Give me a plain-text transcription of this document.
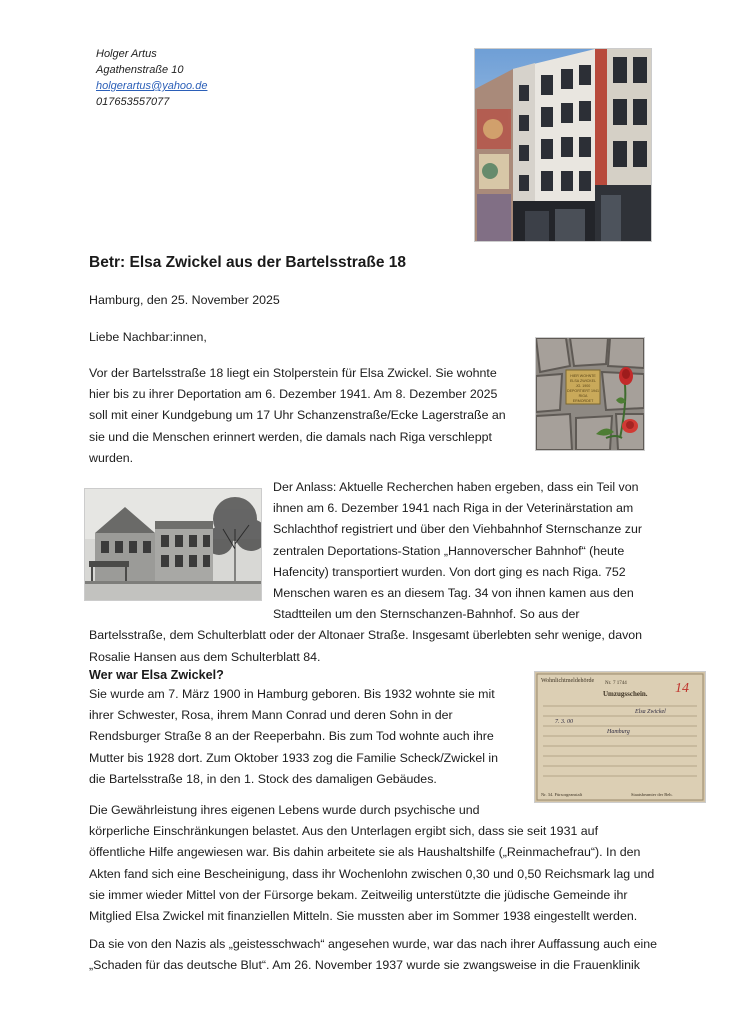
Holger Artus
Agathenstraße 10
holgerartus@yahoo.de
017653557077
Betr: Elsa Zwickel aus der Bartelsstraße 18
Hamburg, den 25. November 2025
Liebe Nachbar:innen,
Vor der Bartelsstraße 18 liegt ein Stolperstein für Elsa Zwickel. Sie wohnte
hier bis zu ihrer Deportation am 6. Dezember 1941. Am 8. Dezember 2025
soll mit einer Kundgebung um 17 Uhr Schanzenstraße/Ecke Lagerstraße an
sie und die Menschen erinnert werden, die damals nach Riga verschleppt
wurden.
HIER WOHNTE
ELSA ZWICKEL
JG. 1900
DEPORTIERT 1941
RIGA
ERMORDET
Der Anlass: Aktuelle Recherchen haben ergeben, dass ein Teil von
ihnen am 6. Dezember 1941 nach Riga in der Veterinärstation am
Schlachthof registriert und über den Viehbahnhof Sternschanze zur
zentralen Deportations-Station „Hannoverscher Bahnhof“ (heute
Hafencity) transportiert wurden. Von dort ging es nach Riga. 752
Menschen waren es an diesem Tag. 34 von ihnen kamen aus den
Stadtteilen um den Sternschanzen-Bahnhof. So aus der
Bartelsstraße, dem Schulterblatt oder der Altonaer Straße. Insgesamt überlebten sehr wenige, davon
Rosalie Hansen aus dem Schulterblatt 84.
Wer war Elsa Zwickel?
Sie wurde am 7. März 1900 in Hamburg geboren. Bis 1932 wohnte sie mit
ihrer Schwester, Rosa, ihrem Mann Conrad und deren Sohn in der
Rendsburger Straße 8 an der Reeperbahn. Bis zum Tod wohnte auch ihre
Mutter bis 1928 dort. Zum Oktober 1933 zog die Familie Scheck/Zwickel in
die Bartelsstraße 18, in den 1. Stock des damaligen Gebäudes.
Wohnlichtmeldehörde Nr. 7 1744
Umzugsschein. 14
Elsa Zwickel
7. 3. 00
Hamburg
Nr. 34. Fürsorgeanstalt	Staatsbeamter der Beh.
Die Gewährleistung ihres eigenen Lebens wurde durch psychische und
körperliche Einschränkungen belastet. Aus den Unterlagen ergibt sich, dass sie seit 1931 auf
öffentliche Hilfe angewiesen war. Bis dahin arbeitete sie als Haushaltshilfe („Reinmachefrau“). In den
Akten fand sich eine Bescheinigung, dass ihr Wochenlohn zwischen 0,30 und 0,50 Reichsmark lag und
sie immer wieder Mittel von der Fürsorge bekam. Zeitweilig unterstützte die jüdische Gemeinde ihr
Mitglied Elsa Zwickel mit finanziellen Mitteln. Sie mussten aber im Sommer 1938 eingestellt werden.
Da sie von den Nazis als „geistesschwach“ angesehen wurde, war das nach ihrer Auffassung auch eine
„Schaden für das deutsche Blut“. Am 26. November 1937 wurde sie zwangsweise in die Frauenklinik
